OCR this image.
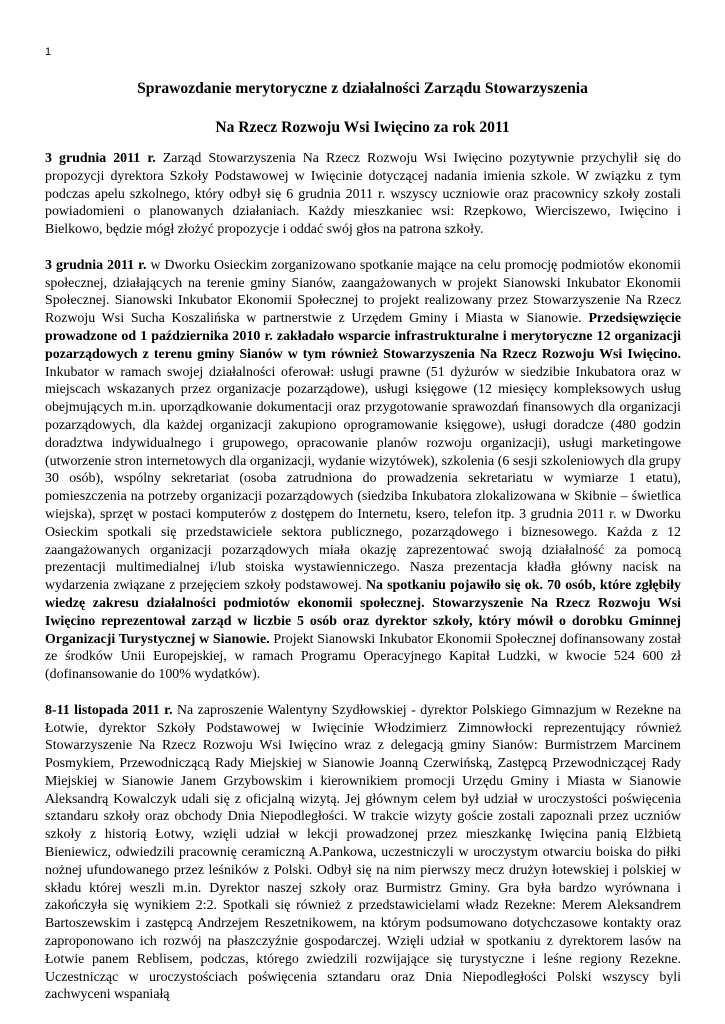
1
Sprawozdanie merytoryczne z działalności Zarządu Stowarzyszenia
Na Rzecz Rozwoju Wsi Iwięcino za rok 2011

3 grudnia 2011 r. Zarząd Stowarzyszenia Na Rzecz Rozwoju Wsi Iwięcino pozytywnie przychylił się do propozycji dyrektora Szkoły Podstawowej w Iwięcinie dotyczącej nadania imienia szkole. W związku z tym podczas apelu szkolnego, który odbył się 6 grudnia 2011 r. wszyscy uczniowie oraz pracownicy szkoły zostali powiadomieni o planowanych działaniach. Każdy mieszkaniec wsi: Rzepkowo, Wierciszewo, Iwięcino i Bielkowo, będzie mógł złożyć propozycje i oddać swój głos na patrona szkoły.

3 grudnia 2011 r. w Dworku Osieckim zorganizowano spotkanie mające na celu promocję podmiotów ekonomii społecznej, działających na terenie gminy Sianów, zaangażowanych w projekt Sianowski Inkubator Ekonomii Społecznej. Sianowski Inkubator Ekonomii Społecznej to projekt realizowany przez Stowarzyszenie Na Rzecz Rozwoju Wsi Sucha Koszalińska w partnerstwie z Urzędem Gminy i Miasta w Sianowie. Przedsięwzięcie prowadzone od 1 października 2010 r. zakładało wsparcie infrastrukturalne i merytoryczne 12 organizacji pozarządowych z terenu gminy Sianów w tym również Stowarzyszenia Na Rzecz Rozwoju Wsi Iwięcino. Inkubator w ramach swojej działalności oferował: usługi prawne (51 dyżurów w siedzibie Inkubatora oraz w miejscach wskazanych przez organizacje pozarządowe), usługi księgowe (12 miesięcy kompleksowych usług obejmujących m.in. uporządkowanie dokumentacji oraz przygotowanie sprawozdań finansowych dla organizacji pozarządowych, dla każdej organizacji zakupiono oprogramowanie księgowe), usługi doradcze (480 godzin doradztwa indywidualnego i grupowego, opracowanie planów rozwoju organizacji), usługi marketingowe (utworzenie stron internetowych dla organizacji, wydanie wizytówek), szkolenia (6 sesji szkoleniowych dla grupy 30 osób), wspólny sekretariat (osoba zatrudniona do prowadzenia sekretariatu w wymiarze 1 etatu), pomieszczenia na potrzeby organizacji pozarządowych (siedziba Inkubatora zlokalizowana w Skibnie – świetlica wiejska), sprzęt w postaci komputerów z dostępem do Internetu, ksero, telefon itp. 3 grudnia 2011 r. w Dworku Osieckim spotkali się przedstawiciele sektora publicznego, pozarządowego i biznesowego. Każda z 12 zaangażowanych organizacji pozarządowych miała okazję zaprezentować swoją działalność za pomocą prezentacji multimedialnej i/lub stoiska wystawienniczego. Nasza prezentacja kładła główny nacisk na wydarzenia związane z przejęciem szkoły podstawowej. Na spotkaniu pojawiło się ok. 70 osób, które zgłębiły wiedzę zakresu działalności podmiotów ekonomii społecznej. Stowarzyszenie Na Rzecz Rozwoju Wsi Iwięcino reprezentował zarząd w liczbie 5 osób oraz dyrektor szkoły, który mówił o dorobku Gminnej Organizacji Turystycznej w Sianowie. Projekt Sianowski Inkubator Ekonomii Społecznej dofinansowany został ze środków Unii Europejskiej, w ramach Programu Operacyjnego Kapitał Ludzki, w kwocie 524 600 zł (dofinansowanie do 100% wydatków).

8-11 listopada 2011 r. Na zaproszenie Walentyny Szydłowskiej - dyrektor Polskiego Gimnazjum w Rezekne na Łotwie, dyrektor Szkoły Podstawowej w Iwięcinie Włodzimierz Zimnowłocki reprezentujący również Stowarzyszenie Na Rzecz Rozwoju Wsi Iwięcino wraz z delegacją gminy Sianów: Burmistrzem Marcinem Posmykiem, Przewodniczącą Rady Miejskiej w Sianowie Joanną Czerwińską, Zastępcą Przewodniczącej Rady Miejskiej w Sianowie Janem Grzybowskim i kierownikiem promocji Urzędu Gminy i Miasta w Sianowie Aleksandrą Kowalczyk udali się z oficjalną wizytą. Jej głównym celem był udział w uroczystości poświęcenia sztandaru szkoły oraz obchody Dnia Niepodległości. W trakcie wizyty goście zostali zapoznali przez uczniów szkoły z historią Łotwy, wzięli udział w lekcji prowadzonej przez mieszkankę Iwięcina panią Elżbietą Bieniewicz, odwiedzili pracownię ceramiczną A.Pankowa, uczestniczyli w uroczystym otwarciu boiska do piłki nożnej ufundowanego przez leśników z Polski. Odbył się na nim pierwszy mecz drużyn łotewskiej i polskiej w składu której weszli m.in. Dyrektor naszej szkoły oraz Burmistrz Gminy. Gra była bardzo wyrównana i zakończyła się wynikiem 2:2. Spotkali się również z przedstawicielami władz Rezekne: Merem Aleksandrem Bartoszewskim i zastępcą Andrzejem Reszetnikowem, na którym podsumowano dotychczasowe kontakty oraz zaproponowano ich rozwój na płaszczyźnie gospodarczej. Wzięli udział w spotkaniu z dyrektorem lasów na Łotwie panem Reblisem, podczas, którego zwiedzili rozwijające się turystyczne i leśne regiony Rezekne. Uczestnicząc w uroczystościach poświęcenia sztandaru oraz Dnia Niepodległości Polski wszyscy byli zachwyceni wspaniałą
